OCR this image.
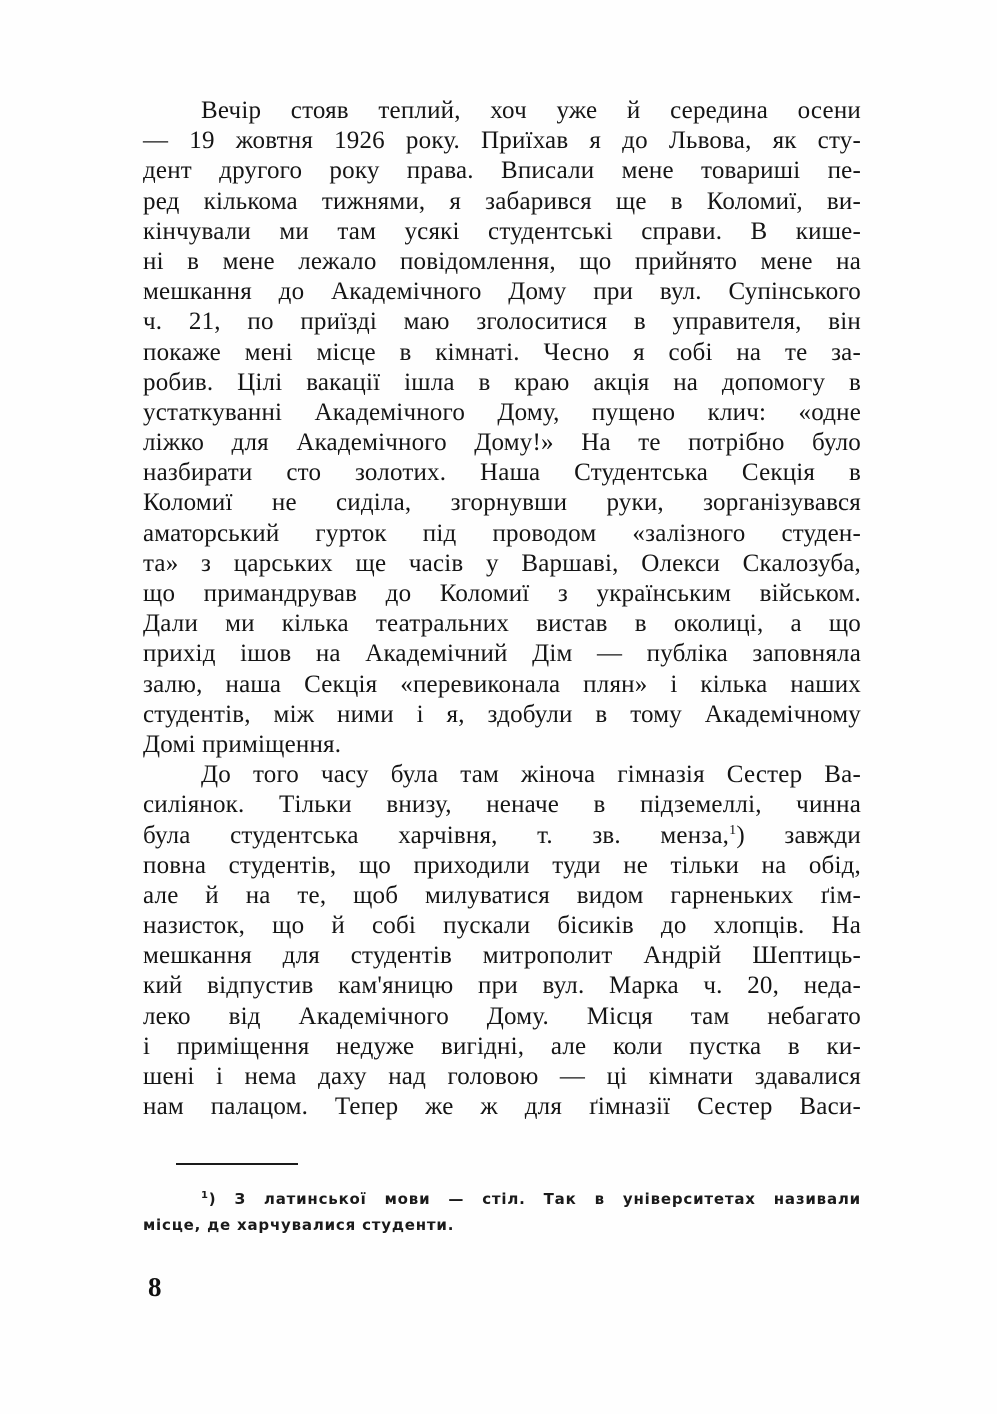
Вечір стояв теплий, хоч уже й середина осени
— 19 жовтня 1926 року. Приїхав я до Львова, як сту-
дент другого року права. Вписали мене товариші пе-
ред кількома тижнями, я забарився ще в Коломиї, ви-
кінчували ми там усякі студентські справи. В кише-
ні в мене лежало повідомлення, що прийнято мене на
мешкання до Академічного Дому при вул. Супінського
ч. 21, по приїзді маю зголоситися в управителя, він
покаже мені місце в кімнаті. Чесно я собі на те за-
робив. Цілі вакації ішла в краю акція на допомогу в
устаткуванні Академічного Дому, пущено клич: «одне
ліжко для Академічного Дому!» На те потрібно було
назбирати сто золотих. Наша Студентська Секція в
Коломиї не сиділа, згорнувши руки, зорганізувався
аматорський гурток під проводом «залізного студен-
та» з царських ще часів у Варшаві, Олекси Скалозуба,
що примандрував до Коломиї з українським військом.
Дали ми кілька театральних вистав в околиці, а що
прихід ішов на Академічний Дім — публіка заповняла
залю, наша Секція «перевиконала плян» і кілька наших
студентів, між ними і я, здобули в тому Академічному
Домі приміщення.
До того часу була там жіноча гімназія Сестер Ва-
силіянок. Тільки внизу, неначе в підземеллі, чинна
була студентська харчівня, т. зв. менза,$^1$) завжди
повна студентів, що приходили туди не тільки на обід,
але й на те, щоб милуватися видом гарненьких ґім-
назисток, що й собі пускали бісиків до хлопців. На
мешкання для студентів митрополит Андрій Шептиць-
кий відпустив кам'яницю при вул. Марка ч. 20, неда-
леко від Академічного Дому. Місця там небагато
і приміщення недуже вигідні, але коли пустка в ки-
шені і нема даху над головою — ці кімнати здавалися
нам палацом. Тепер же ж для ґімназії Сестер Васи-
$^1$) З латинської мови — стіл. Так в університетах називали
місце, де харчувалися студенти.
8
